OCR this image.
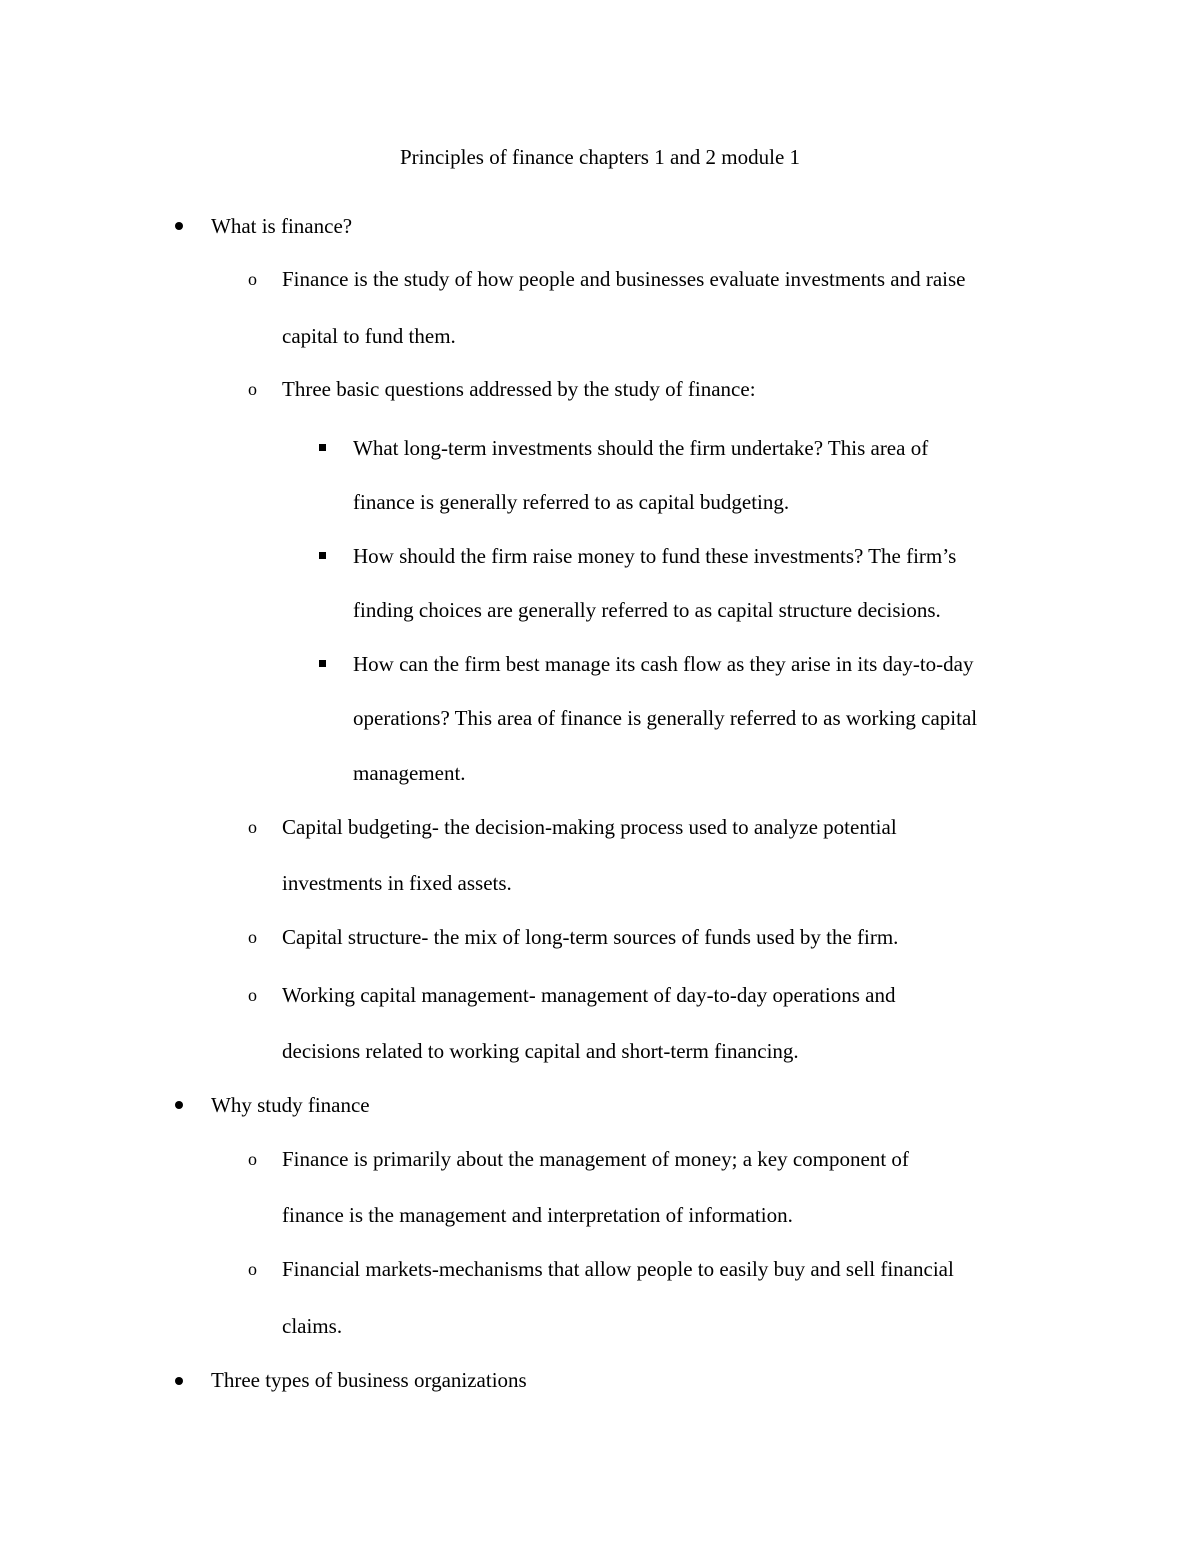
Principles of finance chapters 1 and 2 module 1
What is finance?
o Finance is the study of how people and businesses evaluate investments and raise
capital to fund them.
o Three basic questions addressed by the study of finance:
What long-term investments should the firm undertake? This area of
finance is generally referred to as capital budgeting.
How should the firm raise money to fund these investments? The firm’s
finding choices are generally referred to as capital structure decisions.
How can the firm best manage its cash flow as they arise in its day-to-day
operations? This area of finance is generally referred to as working capital
management.
o Capital budgeting- the decision-making process used to analyze potential
investments in fixed assets.
o Capital structure- the mix of long-term sources of funds used by the firm.
o Working capital management- management of day-to-day operations and
decisions related to working capital and short-term financing.
Why study finance
o Finance is primarily about the management of money; a key component of
finance is the management and interpretation of information.
o Financial markets-mechanisms that allow people to easily buy and sell financial
claims.
Three types of business organizations
